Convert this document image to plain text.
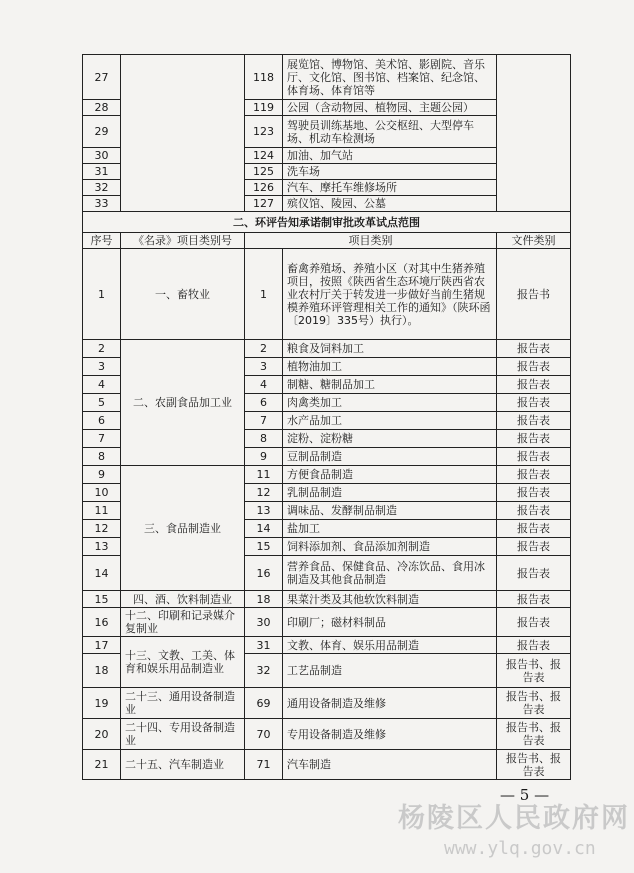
27		118	展览馆、博物馆、美术馆、影剧院、音乐厅、文化馆、图书馆、档案馆、纪念馆、体育场、体育馆等	
28		119	公园（含动物园、植物园、主题公园）	
29		123	驾驶员训练基地、公交枢纽、大型停车场、机动车检测场	
30		124	加油、加气站	
31		125	洗车场	
32		126	汽车、摩托车维修场所	
33		127	殡仪馆、陵园、公墓	
二、环评告知承诺制审批改革试点范围				
序号	《名录》项目类别号	项目类别		文件类别
1	一、畜牧业	1	畜禽养殖场、养殖小区（对其中生猪养殖项目，按照《陕西省生态环境厅陕西省农业农村厅关于转发进一步做好当前生猪规模养殖环评管理相关工作的通知》（陕环函〔2019〕335号）执行）。	报告书
2	二、农副食品加工业	2	粮食及饲料加工	报告表
3		3	植物油加工	报告表
4		4	制糖、糖制品加工	报告表
5		6	肉禽类加工	报告表
6		7	水产品加工	报告表
7		8	淀粉、淀粉糖	报告表
8		9	豆制品制造	报告表
9	三、食品制造业	11	方便食品制造	报告表
10		12	乳制品制造	报告表
11		13	调味品、发酵制品制造	报告表
12		14	盐加工	报告表
13		15	饲料添加剂、食品添加剂制造	报告表
14		16	营养食品、保健食品、冷冻饮品、食用冰制造及其他食品制造	报告表
15	四、酒、饮料制造业	18	果菜汁类及其他软饮料制造	报告表
16	十二、印刷和记录媒介复制业	30	印刷厂；磁材料制品	报告表
17	十三、文教、工美、体育和娱乐用品制造业	31	文教、体育、娱乐用品制造	报告表
18		32	工艺品制造	报告书、报告表
19	二十三、通用设备制造业	69	通用设备制造及维修	报告书、报告表
20	二十四、专用设备制造业	70	专用设备制造及维修	报告书、报告表
21	二十五、汽车制造业	71	汽车制造	报告书、报告表
— 5 —
杨陵区人民政府网
www.ylq.gov.cn
